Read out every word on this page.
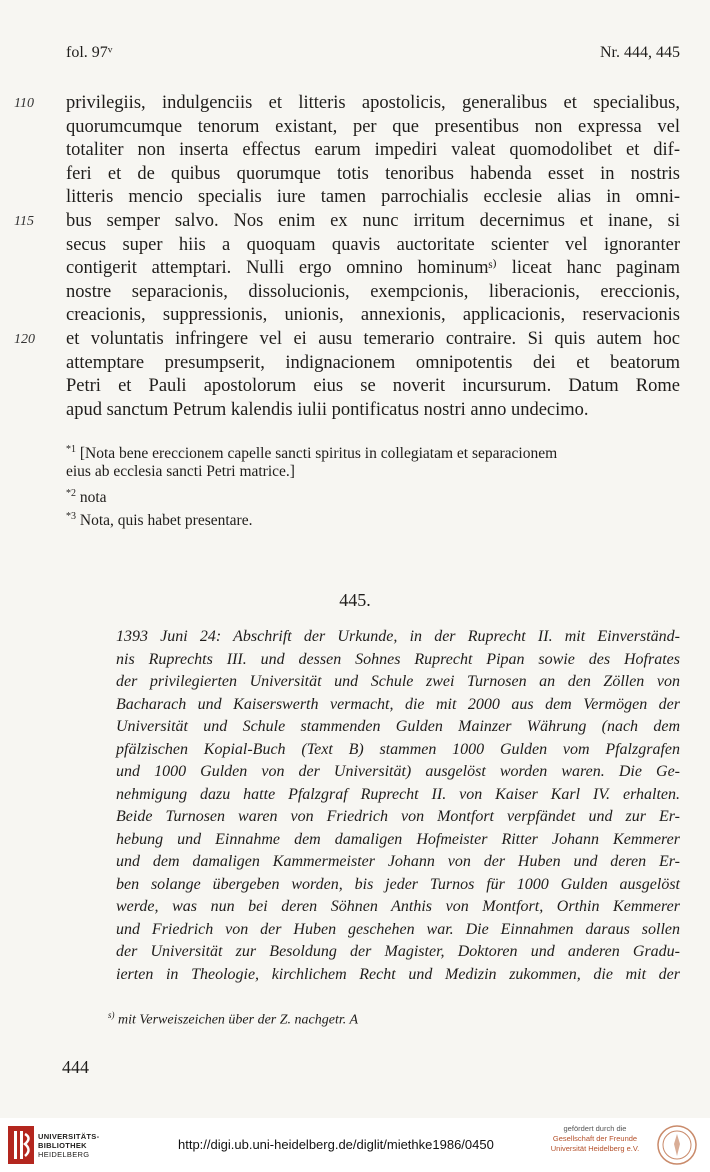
fol. 97ᵛ	Nr. 444, 445
110
115
120
privilegiis, indulgenciis et litteris apostolicis, generalibus et specialibus,
quorumcumque tenorum existant, per que presentibus non expressa vel
totaliter non inserta effectus earum impediri valeat quomodolibet et dif-
feri et de quibus quorumque totis tenoribus habenda esset in nostris
litteris mencio specialis iure tamen parrochialis ecclesie alias in omni-
bus semper salvo. Nos enim ex nunc irritum decernimus et inane, si
secus super hiis a quoquam quavis auctoritate scienter vel ignoranter
contigerit attemptari. Nulli ergo omnino hominumˢ⁾ liceat hanc paginam
nostre separacionis, dissolucionis, exempcionis, liberacionis, ereccionis,
creacionis, suppressionis, unionis, annexionis, applicacionis, reservacionis
et voluntatis infringere vel ei ausu temerario contraire. Si quis autem hoc
attemptare presumpserit, indignacionem omnipotentis dei et beatorum
Petri et Pauli apostolorum eius se noverit incursurum. Datum Rome
apud sanctum Petrum kalendis iulii pontificatus nostri anno undecimo.
$^{*1}$ [Nota bene ereccionem capelle sancti spiritus in collegiatam et separacionem
eius ab ecclesia sancti Petri matrice.]
$^{*2}$ nota
$^{*3}$ Nota, quis habet presentare.
445.
1393 Juni 24: Abschrift der Urkunde, in der Ruprecht II. mit Einverständ-
nis Ruprechts III. und dessen Sohnes Ruprecht Pipan sowie des Hofrates
der privilegierten Universität und Schule zwei Turnosen an den Zöllen von
Bacharach und Kaiserswerth vermacht, die mit 2000 aus dem Vermögen der
Universität und Schule stammenden Gulden Mainzer Währung (nach dem
pfälzischen Kopial-Buch (Text B) stammen 1000 Gulden vom Pfalzgrafen
und 1000 Gulden von der Universität) ausgelöst worden waren. Die Ge-
nehmigung dazu hatte Pfalzgraf Ruprecht II. von Kaiser Karl IV. erhalten.
Beide Turnosen waren von Friedrich von Montfort verpfändet und zur Er-
hebung und Einnahme dem damaligen Hofmeister Ritter Johann Kemmerer
und dem damaligen Kammermeister Johann von der Huben und deren Er-
ben solange übergeben worden, bis jeder Turnos für 1000 Gulden ausgelöst
werde, was nun bei deren Söhnen Anthis von Montfort, Orthin Kemmerer
und Friedrich von der Huben geschehen war. Die Einnahmen daraus sollen
der Universität zur Besoldung der Magister, Doktoren und anderen Gradu-
ierten in Theologie, kirchlichem Recht und Medizin zukommen, die mit der
$^{s)}$ mit Verweiszeichen über der Z. nachgetr. A
444
UNIVERSITÄTS-
BIBLIOTHEK
HEIDELBERG
http://digi.ub.uni-heidelberg.de/diglit/miethke1986/0450
gefördert durch die
Gesellschaft der Freunde
Universität Heidelberg e.V.
